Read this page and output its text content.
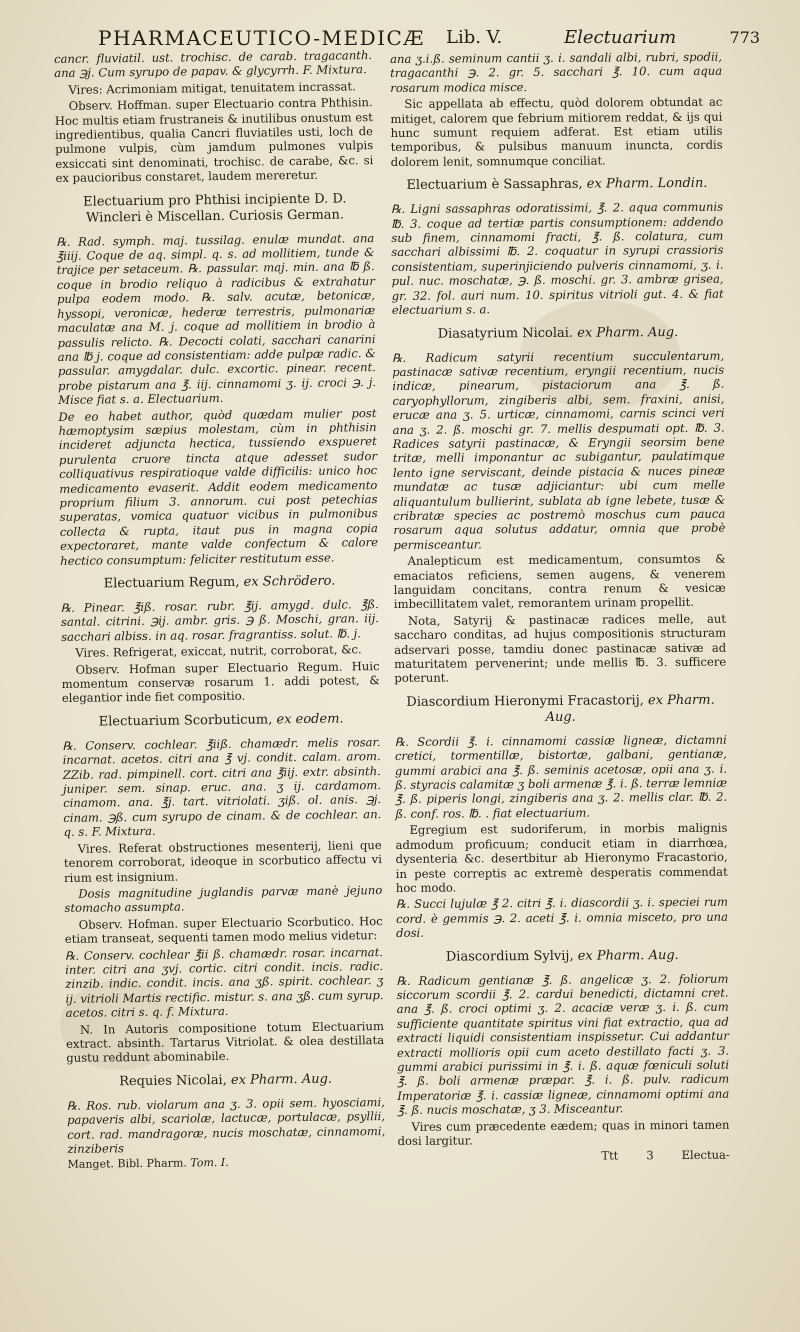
PHARMACEUTICO-MEDICÆ Lib. V.	Electuarium	773

cancr. fluviatil. ust. trochisc. de carab. tragacanth. ana ℈j. Cum syrupo de papav. & glycyrrh. F. Mixtura.

Vires: Acrimoniam mitigat, tenuitatem incrassat.

Observ. Hoffman. super Electuario contra Phthisin. Hoc multis etiam frustraneis & inutilibus onustum est ingredientibus, qualia Cancri fluviatiles usti, loch de pulmone vulpis, cùm jamdum pulmones vulpis exsiccati sint denominati, trochisc. de carabe, &c. si ex paucioribus constaret, laudem mereretur.

Electuarium pro Phthisi incipiente D. D. Wincleri è Miscellan. Curiosis German.

℞. Rad. symph. maj. tussilag. enulæ mundat. ana ℥iiij. Coque de aq. simpl. q. s. ad mollitiem, tunde & trajice per setaceum. ℞. passular. maj. min. ana ℔ ß. coque in brodio reliquo à radicibus & extrahatur pulpa eodem modo. ℞. salv. acutæ, betonicæ, hyssopi, veronicæ, hederæ terrestris, pulmonariæ maculatæ ana M. j. coque ad mollitiem in brodio à passulis relicto. ℞. Decocti colati, sacchari canarini ana ℔ j. coque ad consistentiam: adde pulpæ radic. & passular. amygdalar. dulc. excortic. pinear. recent. probe pistarum ana ℥. iij. cinnamomi ʒ. ij. croci ℈. j. Misce fiat s. a. Electuarium.

De eo habet author, quòd quædam mulier post hæmoptysim sæpius molestam, cùm in phthisin incideret adjuncta hectica, tussiendo exspueret purulenta cruore tincta atque adesset sudor colliquativus respiratioque valde difficilis: unico hoc medicamento evaserit. Addit eodem medicamento proprium filium 3. annorum. cui post petechias superatas, vomica quatuor vicibus in pulmonibus collecta & rupta, itaut pus in magna copia expectoraret, mante valde confectum & calore hectico consumptum: feliciter restitutum esse.

Electuarium Regum, ex Schrödero.

℞. Pinear. ℥iß. rosar. rubr. ℥ij. amygd. dulc. ℥ß. santal. citrini. ℈ij. ambr. gris. ℈ ß. Moschi, gran. iij. sacchari albiss. in aq. rosar. fragrantiss. solut. ℔. j.

Vires. Refrigerat, exiccat, nutrit, corroborat, &c.

Observ. Hofman super Electuario Regum. Huic momentum conservæ rosarum 1. addi potest, & elegantior inde fiet compositio.

Electuarium Scorbuticum, ex eodem.

℞. Conserv. cochlear. ℥iiß. chamædr. melis rosar. incarnat. acetos. citri ana ℥ vj. condit. calam. arom. ZZib. rad. pimpinell. cort. citri ana ℥iij. extr. absinth. juniper. sem. sinap. eruc. ana. ʒ ij. cardamom. cinamom. ana. ℥j. tart. vitriolati. ʒiß. ol. anis. ℈j. cinam. ℈ß. cum syrupo de cinam. & de cochlear. an. q. s. F. Mixtura.

Vires. Referat obstructiones mesenterij, lieni que tenorem corroborat, ideoque in scorbutico affectu vi rium est insignium.

Dosis magnitudine juglandis parvæ manè jejuno stomacho assumpta.

Observ. Hofman. super Electuario Scorbutico. Hoc etiam transeat, sequenti tamen modo melius videtur:

℞. Conserv. cochlear ℥ii ß. chamædr. rosar. incarnat. inter. citri ana ʒvj. cortic. citri condit. incis. radic. zinzib. indic. condit. incis. ana ʒß. spirit. cochlear. ʒ ij. vitrioli Martis rectific. mistur. s. ana ʒß. cum syrup. acetos. citri s. q. f. Mixtura.

N. In Autoris compositione totum Electuarium extract. absinth. Tartarus Vitriolat. & olea destillata gustu reddunt abominabile.

Requies Nicolai, ex Pharm. Aug.

℞. Ros. rub. violarum ana ʒ. 3. opii sem. hyosciami, papaveris albi, scariolæ, lactucæ, portulacæ, psyllii, cort. rad. mandragoræ, nucis moschatæ, cinnamomi, zinziberis

Manget. Bibl. Pharm. Tom. I.

ana ʒ.i.ß. seminum cantii ʒ. i. sandali albi, rubri, spodii, tragacanthi ℈. 2. gr. 5. sacchari ℥. 10. cum aqua rosarum modica misce.

Sic appellata ab effectu, quòd dolorem obtundat ac mitiget, calorem que febrium mitiorem reddat, & ijs qui hunc sumunt requiem adferat. Est etiam utilis temporibus, & pulsibus manuum inuncta, cordis dolorem lenit, somnumque conciliat.

Electuarium è Sassaphras, ex Pharm. Londin.

℞. Ligni sassaphras odoratissimi, ℥. 2. aqua communis ℔. 3. coque ad tertiæ partis consumptionem: addendo sub finem, cinnamomi fracti, ℥. ß. colatura, cum sacchari albissimi ℔. 2. coquatur in syrupi crassioris consistentiam, superinjiciendo pulveris cinnamomi, ʒ. i. pul. nuc. moschatæ, ℈. ß. moschi. gr. 3. ambræ grisea, gr. 32. fol. auri num. 10. spiritus vitrioli gut. 4. & fiat electuarium s. a.

Diasatyrium Nicolai. ex Pharm. Aug.

℞. Radicum satyrii recentium succulentarum, pastinacæ sativæ recentium, eryngii recentium, nucis indicæ, pinearum, pistaciorum ana ℥. ß. caryophyllorum, zingiberis albi, sem. fraxini, anisi, erucæ ana ʒ. 5. urticæ, cinnamomi, carnis scinci veri ana ʒ. 2. ß. moschi gr. 7. mellis despumati opt. ℔. 3. Radices satyrii pastinacæ, & Eryngii seorsim bene tritæ, melli imponantur ac subigantur, paulatimque lento igne serviscant, deinde pistacia & nuces pineæ mundatæ ac tusæ adjiciantur: ubi cum melle aliquantulum bullierint, sublata ab igne lebete, tusæ & cribratæ species ac postremò moschus cum pauca rosarum aqua solutus addatur, omnia que probè permisceantur.

Analepticum est medicamentum, consumtos & emaciatos reficiens, semen augens, & venerem languidam concitans, contra renum & vesicæ imbecillitatem valet, remorantem urinam propellit.

Nota, Satyrij & pastinacæ radices melle, aut saccharo conditas, ad hujus compositionis structuram adservari posse, tamdiu donec pastinacæ sativæ ad maturitatem pervenerint; unde mellis ℔. 3. sufficere poterunt.

Diascordium Hieronymi Fracastorij, ex Pharm. Aug.

℞. Scordii ℥. i. cinnamomi cassiæ ligneæ, dictamni cretici, tormentillæ, bistortæ, galbani, gentianæ, gummi arabici ana ℥. ß. seminis acetosæ, opii ana ʒ. i. ß. styracis calamitæ ʒ boli armenæ ℥. i. ß. terræ lemniæ ℥. ß. piperis longi, zingiberis ana ʒ. 2. mellis clar. ℔. 2. ß. conf. ros. ℔. . fiat electuarium.

Egregium est sudoriferum, in morbis malignis admodum proficuum; conducit etiam in diarrhœa, dysenteria &c. desertbitur ab Hieronymo Fracastorio, in peste correptis ac extremè desperatis commendat hoc modo.

℞. Succi lujulæ ℥ 2. citri ℥. i. diascordii ʒ. i. speciei rum cord. è gemmis ℈. 2. aceti ℥. i. omnia misceto, pro una dosi.

Diascordium Sylvij, ex Pharm. Aug.

℞. Radicum gentianæ ℥. ß. angelicæ ʒ. 2. foliorum siccorum scordii ℥. 2. cardui benedicti, dictamni cret. ana ℥. ß. croci optimi ʒ. 2. acaciæ veræ ʒ. i. ß. cum sufficiente quantitate spiritus vini fiat extractio, qua ad extracti liquidi consistentiam inspissetur. Cui addantur extracti mollioris opii cum aceto destillato facti ʒ. 3. gummi arabici purissimi in ℥. i. ß. aquæ fœniculi soluti ℥. ß. boli armenæ præpar. ℥. i. ß. pulv. radicum Imperatoriæ ℥. i. cassiæ ligneæ, cinnamomi optimi ana ℥. ß. nucis moschatæ, ʒ 3. Misceantur.

Vires cum præcedente eædem; quas in minori tamen dosi largitur.

Ttt 3 Electua-
